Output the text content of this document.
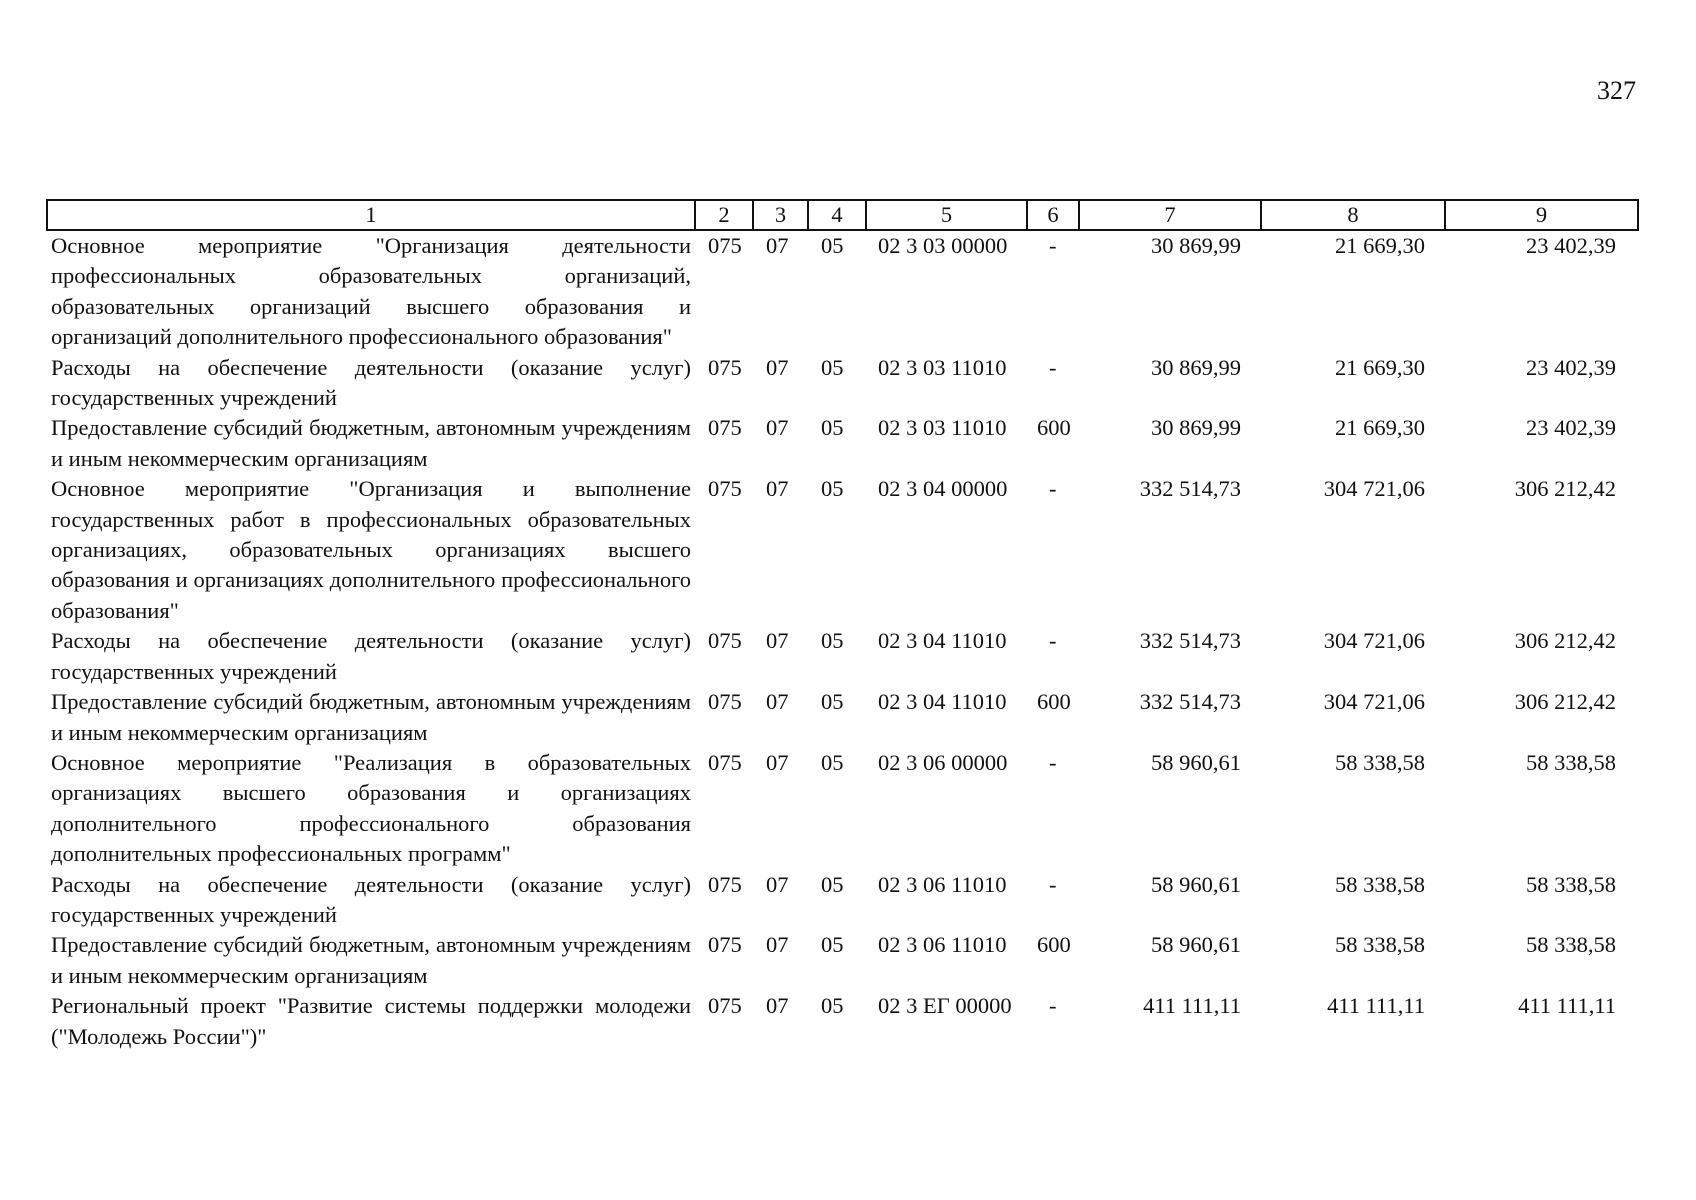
327
1	2	3	4	5	6	7	8	9
Основное мероприятие "Организация деятельности профессиональных образовательных организаций, образовательных организаций высшего образования и организаций дополнительного профессионального образования"	075	07	05	02 3 03 00000	-	30 869,99	21 669,30	23 402,39
Расходы на обеспечение деятельности (оказание услуг) государственных учреждений	075	07	05	02 3 03 11010	-	30 869,99	21 669,30	23 402,39
Предоставление субсидий бюджетным, автономным учреждениям и иным некоммерческим организациям	075	07	05	02 3 03 11010	600	30 869,99	21 669,30	23 402,39
Основное мероприятие "Организация и выполнение государственных работ в профессиональных образовательных организациях, образовательных организациях высшего образования и организациях дополнительного профессионального образования"	075	07	05	02 3 04 00000	-	332 514,73	304 721,06	306 212,42
Расходы на обеспечение деятельности (оказание услуг) государственных учреждений	075	07	05	02 3 04 11010	-	332 514,73	304 721,06	306 212,42
Предоставление субсидий бюджетным, автономным учреждениям и иным некоммерческим организациям	075	07	05	02 3 04 11010	600	332 514,73	304 721,06	306 212,42
Основное мероприятие "Реализация в образовательных организациях высшего образования и организациях дополнительного профессионального образования дополнительных профессиональных программ"	075	07	05	02 3 06 00000	-	58 960,61	58 338,58	58 338,58
Расходы на обеспечение деятельности (оказание услуг) государственных учреждений	075	07	05	02 3 06 11010	-	58 960,61	58 338,58	58 338,58
Предоставление субсидий бюджетным, автономным учреждениям и иным некоммерческим организациям	075	07	05	02 3 06 11010	600	58 960,61	58 338,58	58 338,58
Региональный проект "Развитие системы поддержки молодежи ("Молодежь России")"	075	07	05	02 3 ЕГ 00000	-	411 111,11	411 111,11	411 111,11
